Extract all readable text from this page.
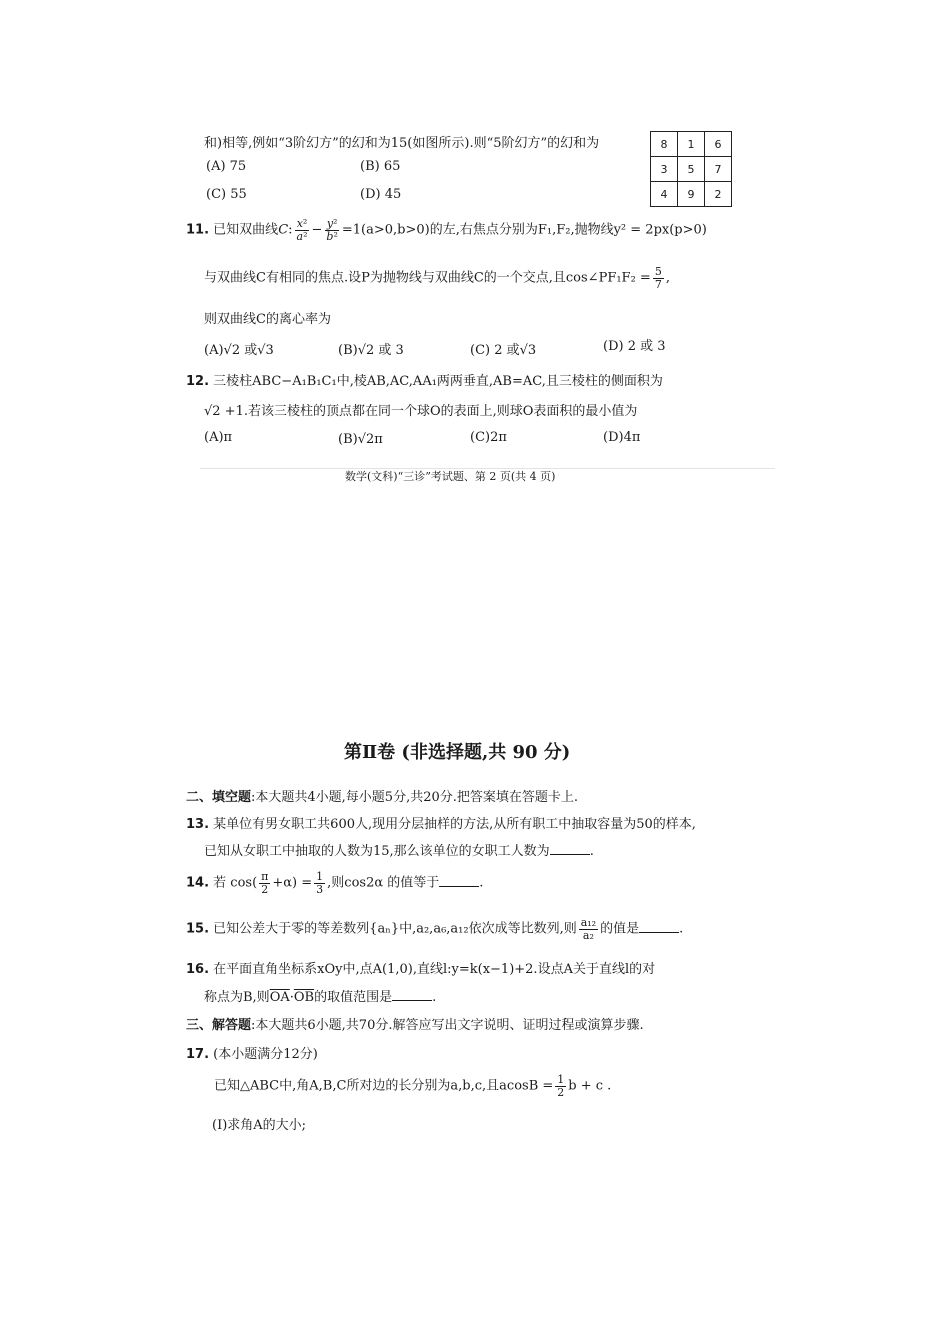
和)相等,例如“3阶幻方”的幻和为15(如图所示).则“5阶幻方”的幻和为
(A) 75	(B) 65
(C) 55	(D) 45
8	1	6
3	5	7
4	9	2
11. 已知双曲线C: $\frac{\text{x²}}{\text{a²}} - \frac{\text{y²}}{\text{b²}} =1(a>0,b>0)$的左,右焦点分别为F₁,F₂,抛物线y² = 2px(p>0)
与双曲线C有相同的焦点.设P为抛物线与双曲线C的一个交点,且cos∠PF₁F₂ = $\frac{5}{7}$ ,
则双曲线C的离心率为
(A)√2 或√3	(B)√2 或 3	(C) 2 或√3	(D) 2 或 3
12. 三棱柱ABC−A₁B₁C₁中,棱AB,AC,AA₁两两垂直,AB=AC,且三棱柱的侧面积为
√2 +1.若该三棱柱的顶点都在同一个球O的表面上,则球O表面积的最小值为
(A)π	(B)√2π	(C)2π	(D)4π
数学(文科)“三诊”考试题、第 2 页(共 4 页)
第Ⅱ卷 (非选择题,共 90 分)
二、填空题:本大题共4小题,每小题5分,共20分.把答案填在答题卡上.
13. 某单位有男女职工共600人,现用分层抽样的方法,从所有职工中抽取容量为50的样本,
已知从女职工中抽取的人数为15,那么该单位的女职工人数为	.
14. 若 $\cos( \frac{\pi}{2} +\alpha) = \frac{1}{3}$ ,则cos2α 的值等于	.
15. 已知公差大于零的等差数列{aₙ}中,a₂,a₆,a₁₂依次成等比数列,则 $\frac{\text{a₁₂}}{\text{a₂}}$ 的值是	.
16. 在平面直角坐标系xOy中,点A(1,0),直线l:y=k(x−1)+2.设点A关于直线l的对
称点为B,则$\overline{OA}\cdot\overline{OB}$的取值范围是	.
三、解答题:本大题共6小题,共70分.解答应写出文字说明、证明过程或演算步骤.
17. (本小题满分12分)
已知△ABC中,角A,B,C所对边的长分别为a,b,c,且$acosB = \frac{1}{2}$ b + c .
(Ⅰ)求角A的大小;
